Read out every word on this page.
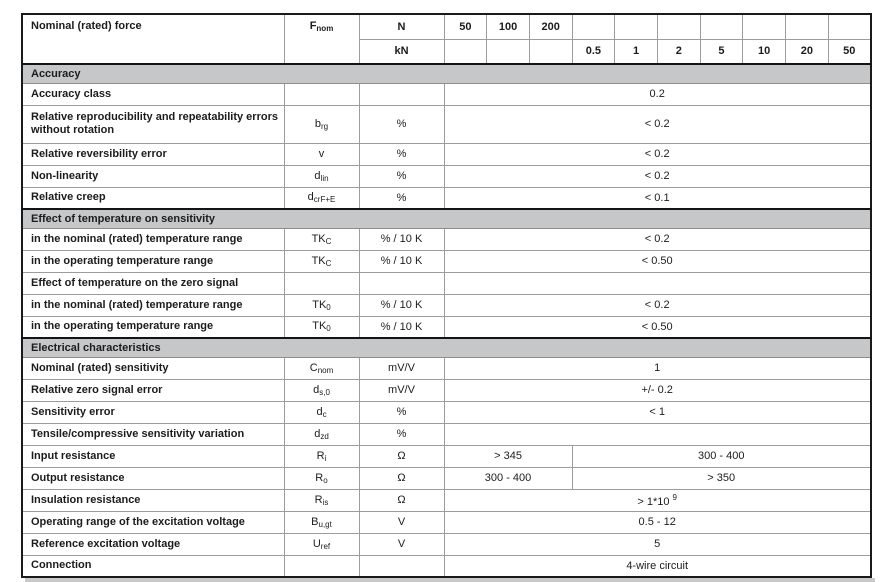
Nominal (rated) force	Fnom	N	50	100	200							
		kN				0.5	1	2	5	10	20	50
Accuracy												
Accuracy class			0.2									
Relative reproducibility and repeatability errors without rotation	brg	%	< 0.2									
Relative reversibility error	v	%	< 0.2									
Non-linearity	dlin	%	< 0.2									
Relative creep	dcrF+E	%	< 0.1									
Effect of temperature on sensitivity												
in the nominal (rated) temperature range	TKC	% / 10 K	< 0.2									
in the operating temperature range	TKC	% / 10 K	< 0.50									
Effect of temperature on the zero signal												
in the nominal (rated) temperature range	TK0	% / 10 K	< 0.2									
in the operating temperature range	TK0	% / 10 K	< 0.50									
Electrical characteristics												
Nominal (rated) sensitivity	Cnom	mV/V	1									
Relative zero signal error	ds,0	mV/V	+/- 0.2									
Sensitivity error	dc	%	< 1									
Tensile/compressive sensitivity variation	dzd	%										
Input resistance	Ri	Ω	> 345			300 - 400						
Output resistance	Ro	Ω	300 - 400			> 350						
Insulation resistance	Ris	Ω	> 1*10 $^9$
Operating range of the excitation voltage	Bu,gt	V	0.5 - 12									
Reference excitation voltage	Uref	V	5									
Connection			4-wire circuit									
